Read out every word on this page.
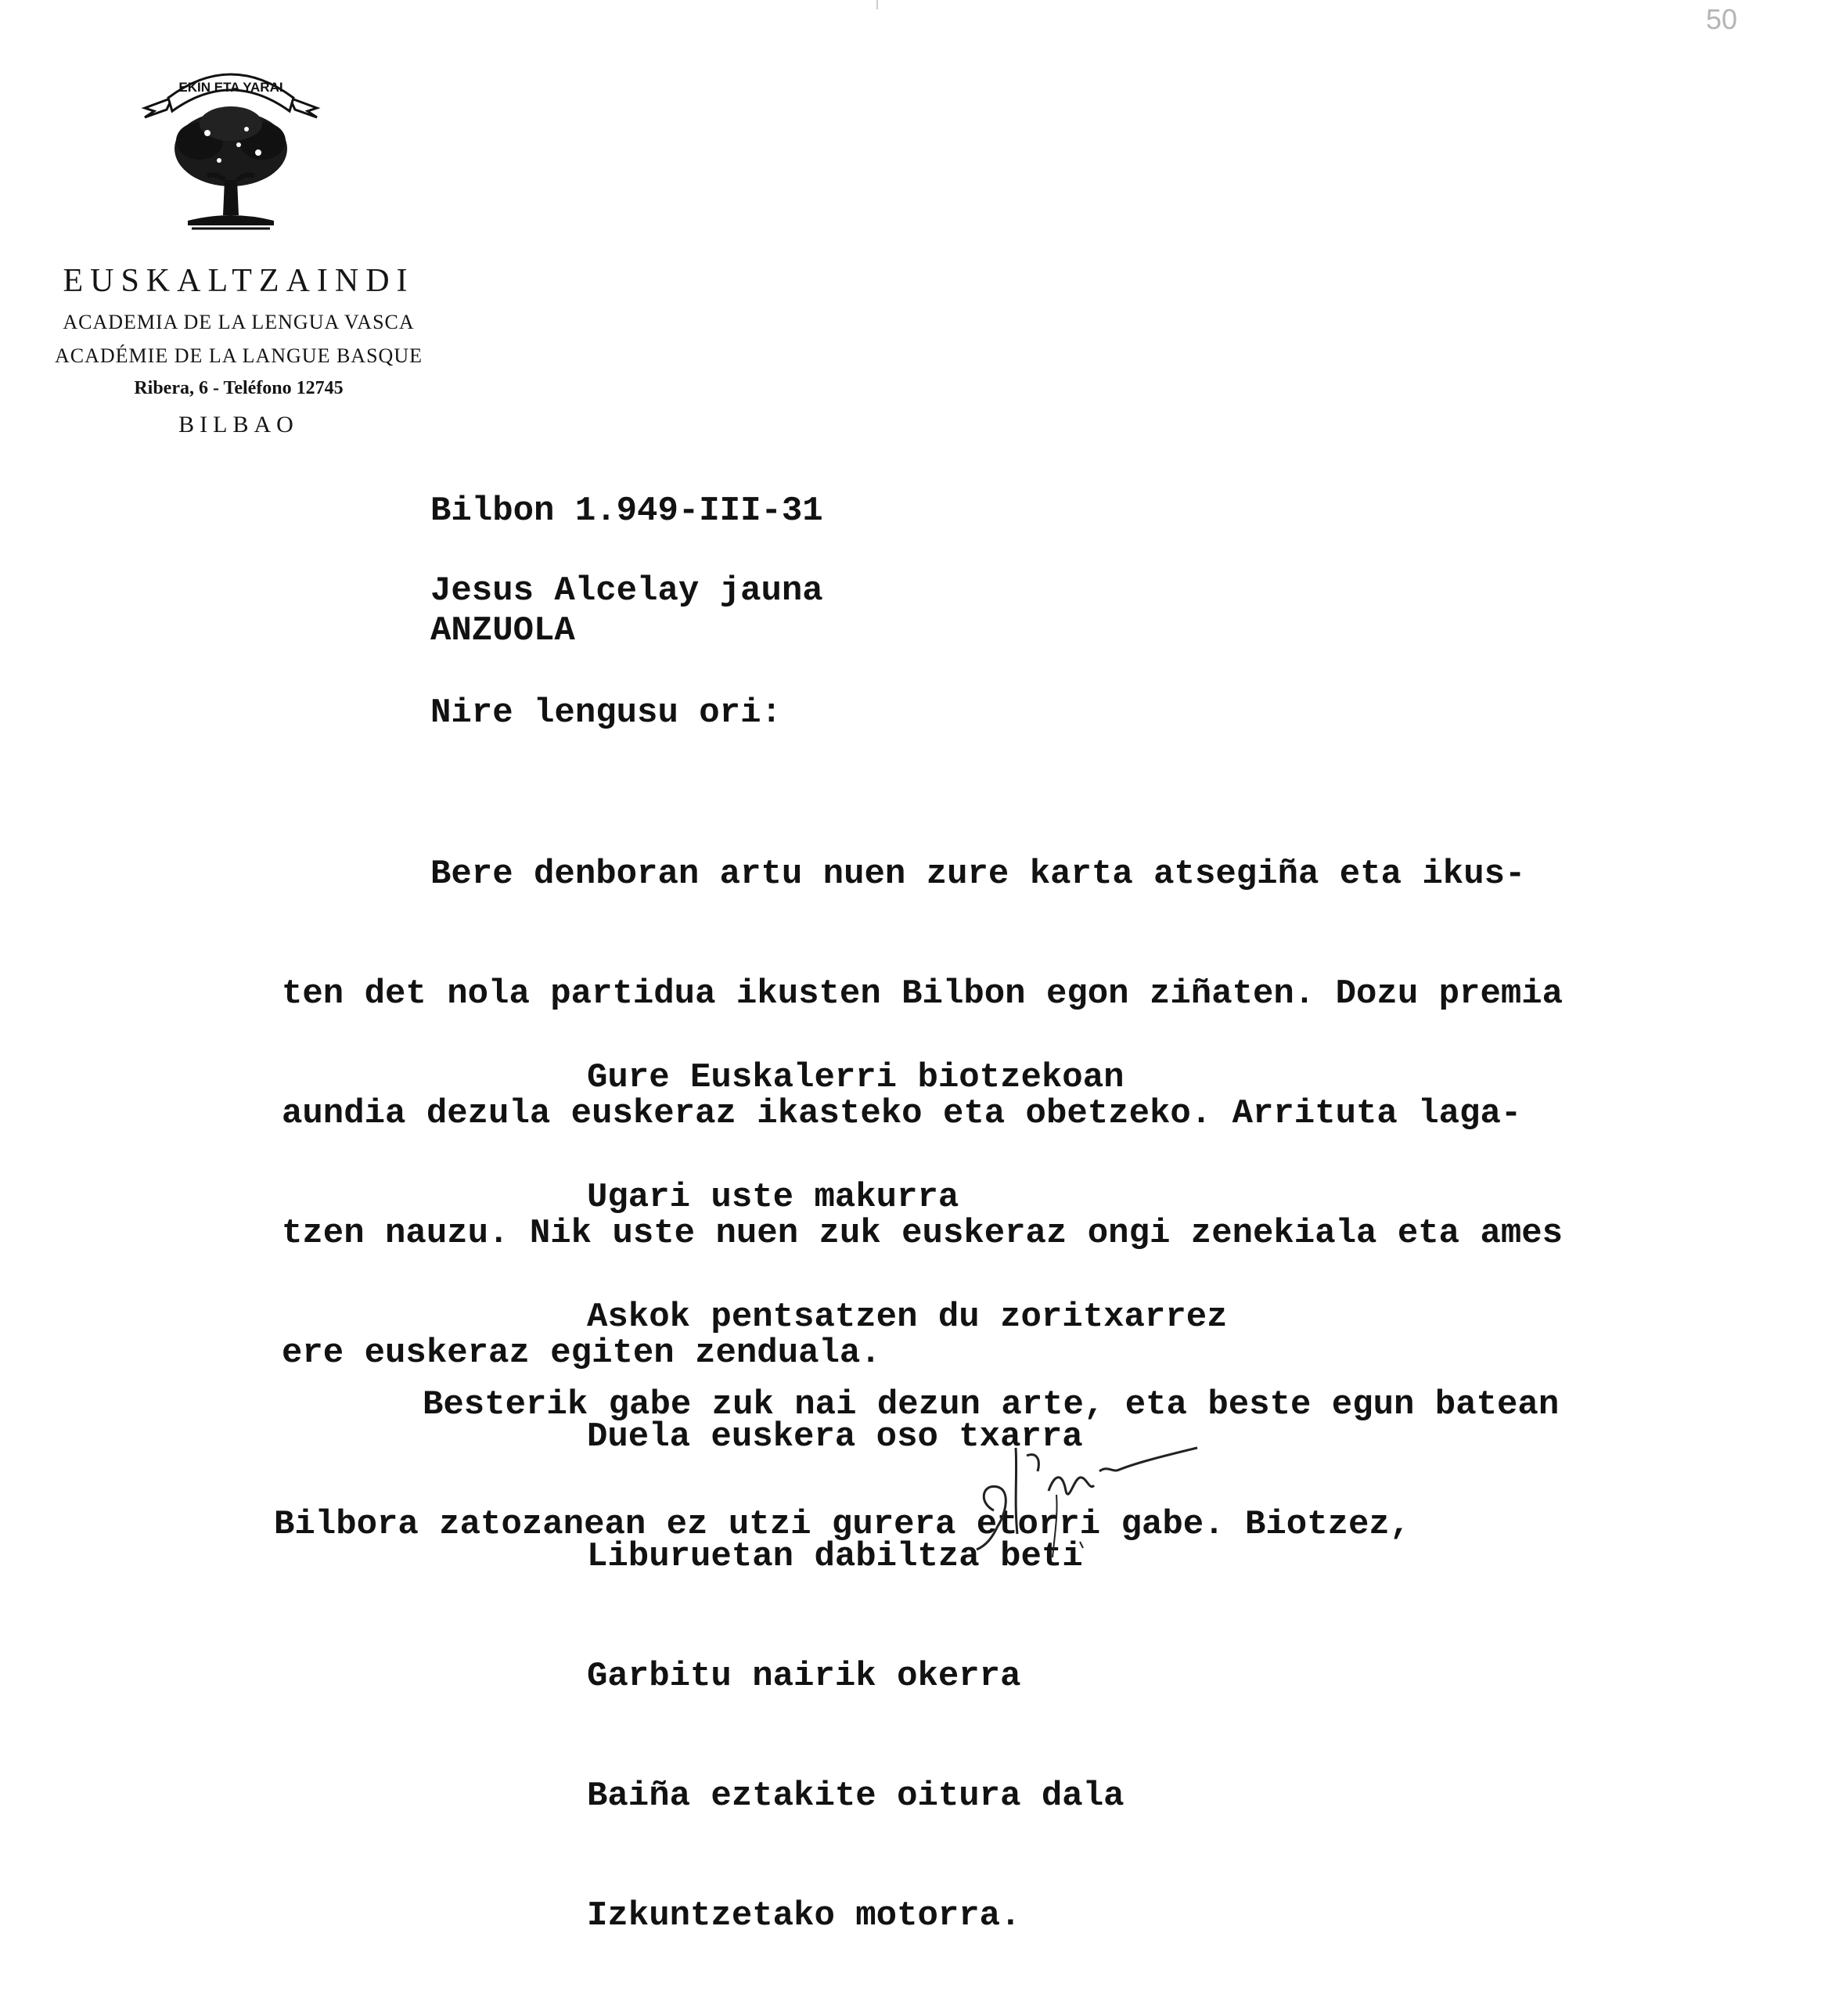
50
EKIN ETA YARAI
EUSKALTZAINDI
ACADEMIA DE LA LENGUA VASCA
ACADÉMIE DE LA LANGUE BASQUE
Ribera, 6 - Teléfono 12745
BILBAO
Bilbon 1.949-III-31
Jesus Alcelay jauna
ANZUOLA
Nire lengusu ori:

Bere denboran artu nuen zure karta atsegiña eta ikus-

ten det nola partidua ikusten Bilbon egon ziñaten. Dozu premia

aundia dezula euskeraz ikasteko eta obetzeko. Arrituta laga-

tzen nauzu. Nik uste nuen zuk euskeraz ongi zenekiala eta ames

ere euskeraz egiten zenduala.

Gure Euskalerri biotzekoan

Ugari uste makurra

Askok pentsatzen du zoritxarrez

Duela euskera oso txarra

Liburuetan dabiltza beti

Garbitu nairik okerra

Baiña eztakite oitura dala

Izkuntzetako motorra.

Besterik gabe zuk nai dezun arte, eta beste egun batean

Bilbora zatozanean ez utzi gurera etorri gabe. Biotzez,
